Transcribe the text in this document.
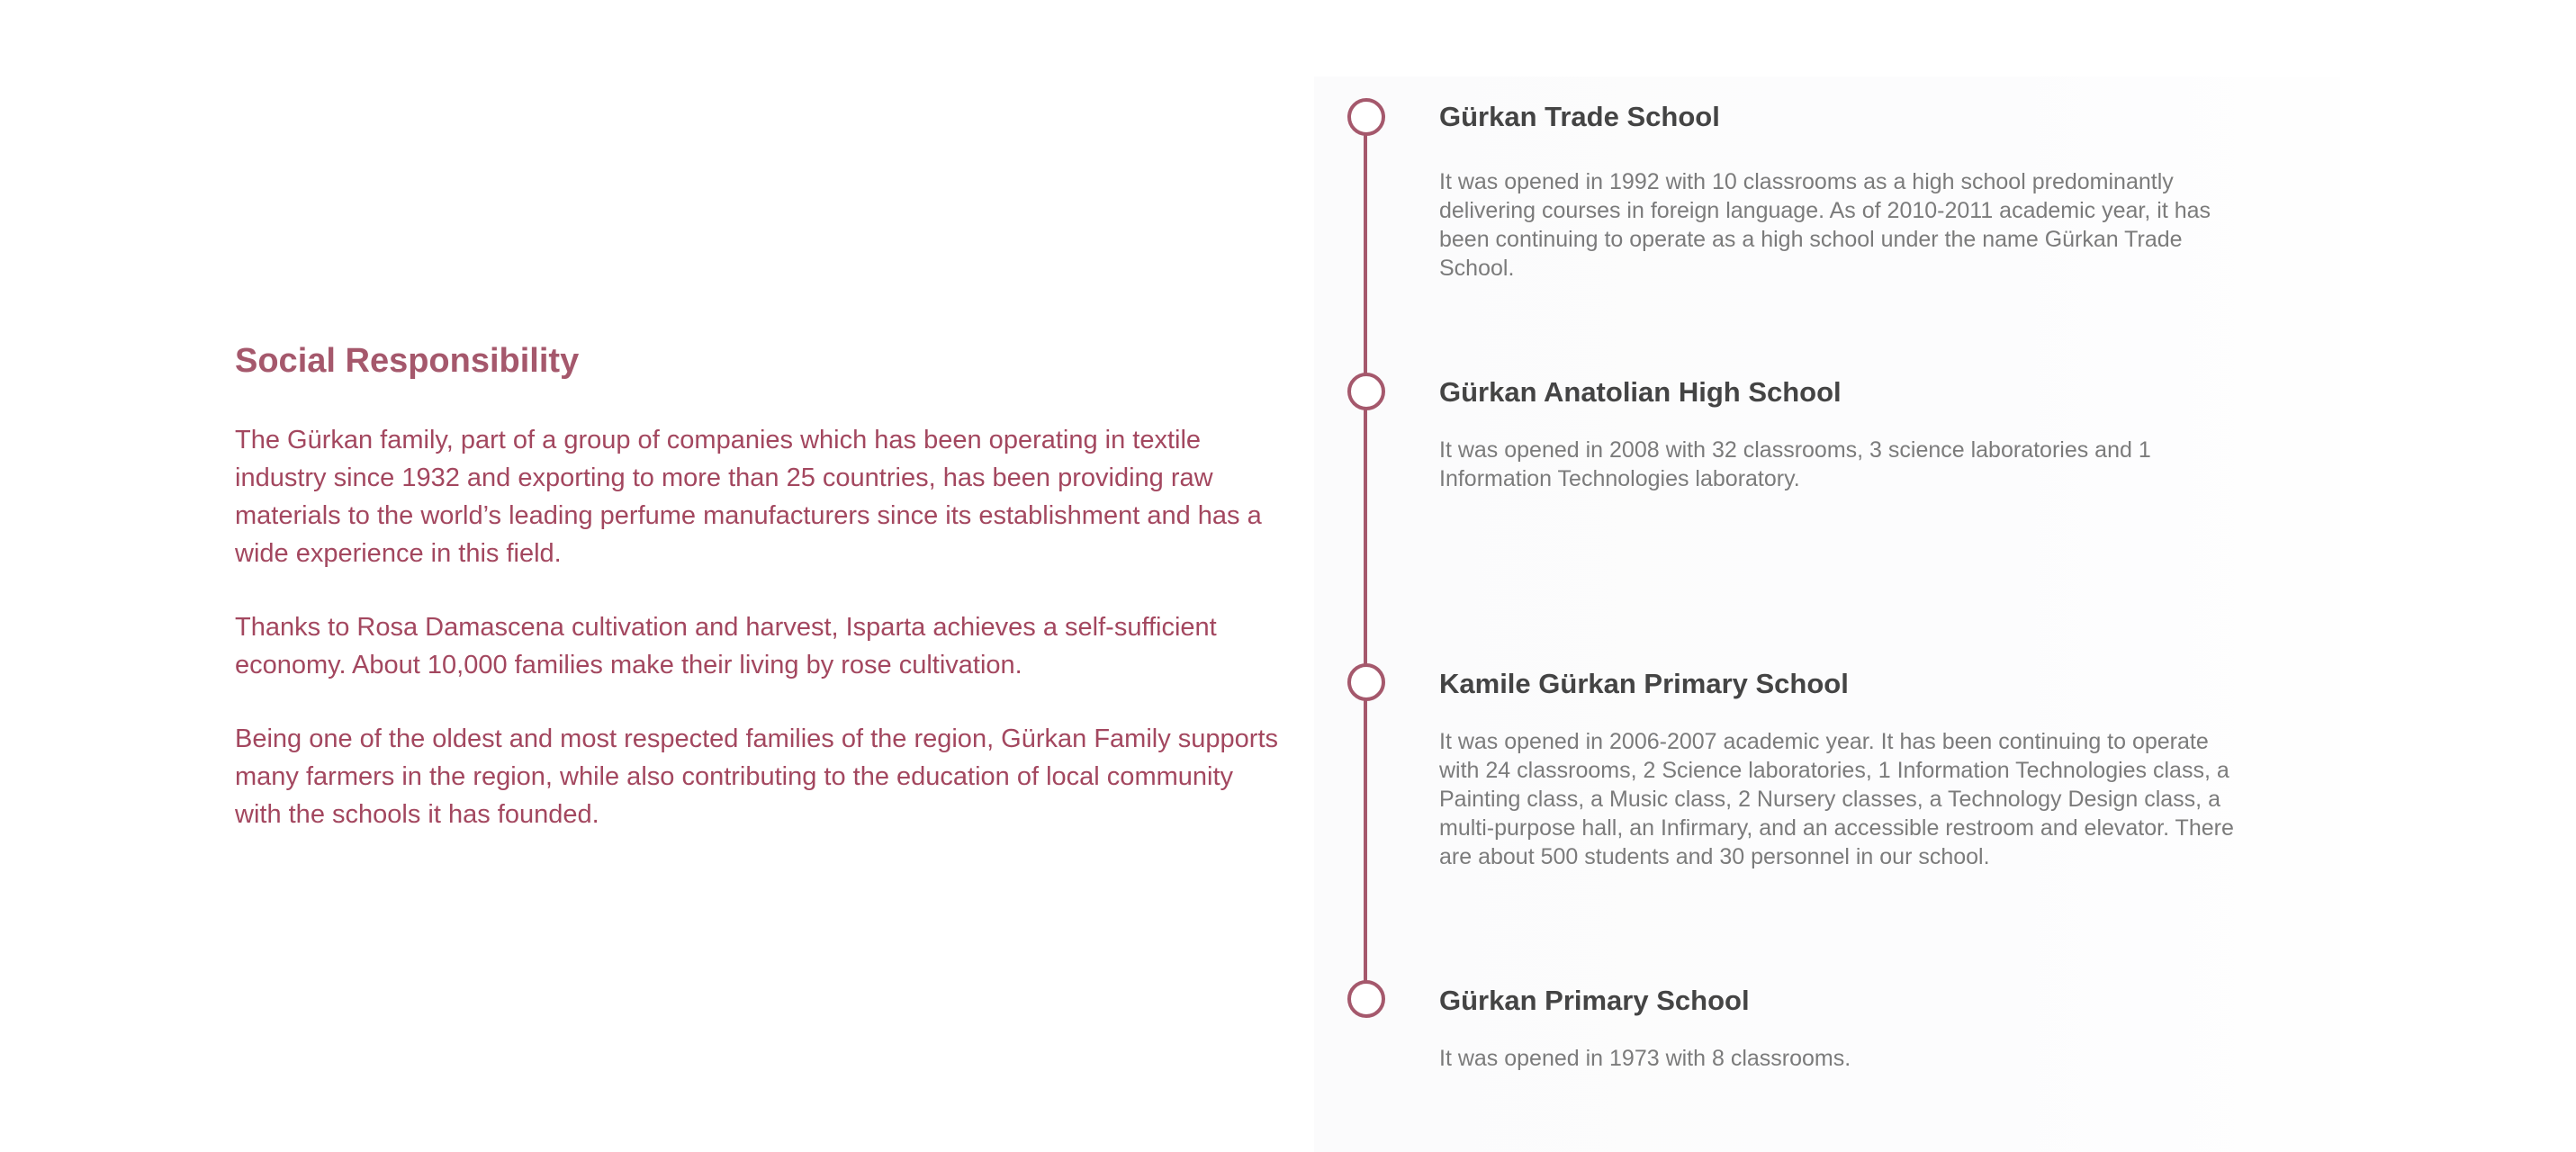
Social Responsibility

The Gürkan family, part of a group of companies which has been operating in textile industry since 1932 and exporting to more than 25 countries, has been providing raw materials to the world’s leading perfume manufacturers since its establishment and has a wide experience in this field.

Thanks to Rosa Damascena cultivation and harvest, Isparta achieves a self-sufficient economy. About 10,000 families make their living by rose cultivation.

Being one of the oldest and most respected families of the region, Gürkan Family supports many farmers in the region, while also contributing to the education of local community with the schools it has founded.

Gürkan Trade School

It was opened in 1992 with 10 classrooms as a high school predominantly delivering courses in foreign language. As of 2010-2011 academic year, it has been continuing to operate as a high school under the name Gürkan Trade School.

Gürkan Anatolian High School

It was opened in 2008 with 32 classrooms, 3 science laboratories and 1 Information Technologies laboratory.

Kamile Gürkan Primary School

It was opened in 2006-2007 academic year. It has been continuing to operate with 24 classrooms, 2 Science laboratories, 1 Information Technologies class, a Painting class, a Music class, 2 Nursery classes, a Technology Design class, a multi-purpose hall, an Infirmary, and an accessible restroom and elevator. There are about 500 students and 30 personnel in our school.

Gürkan Primary School

It was opened in 1973 with 8 classrooms.
